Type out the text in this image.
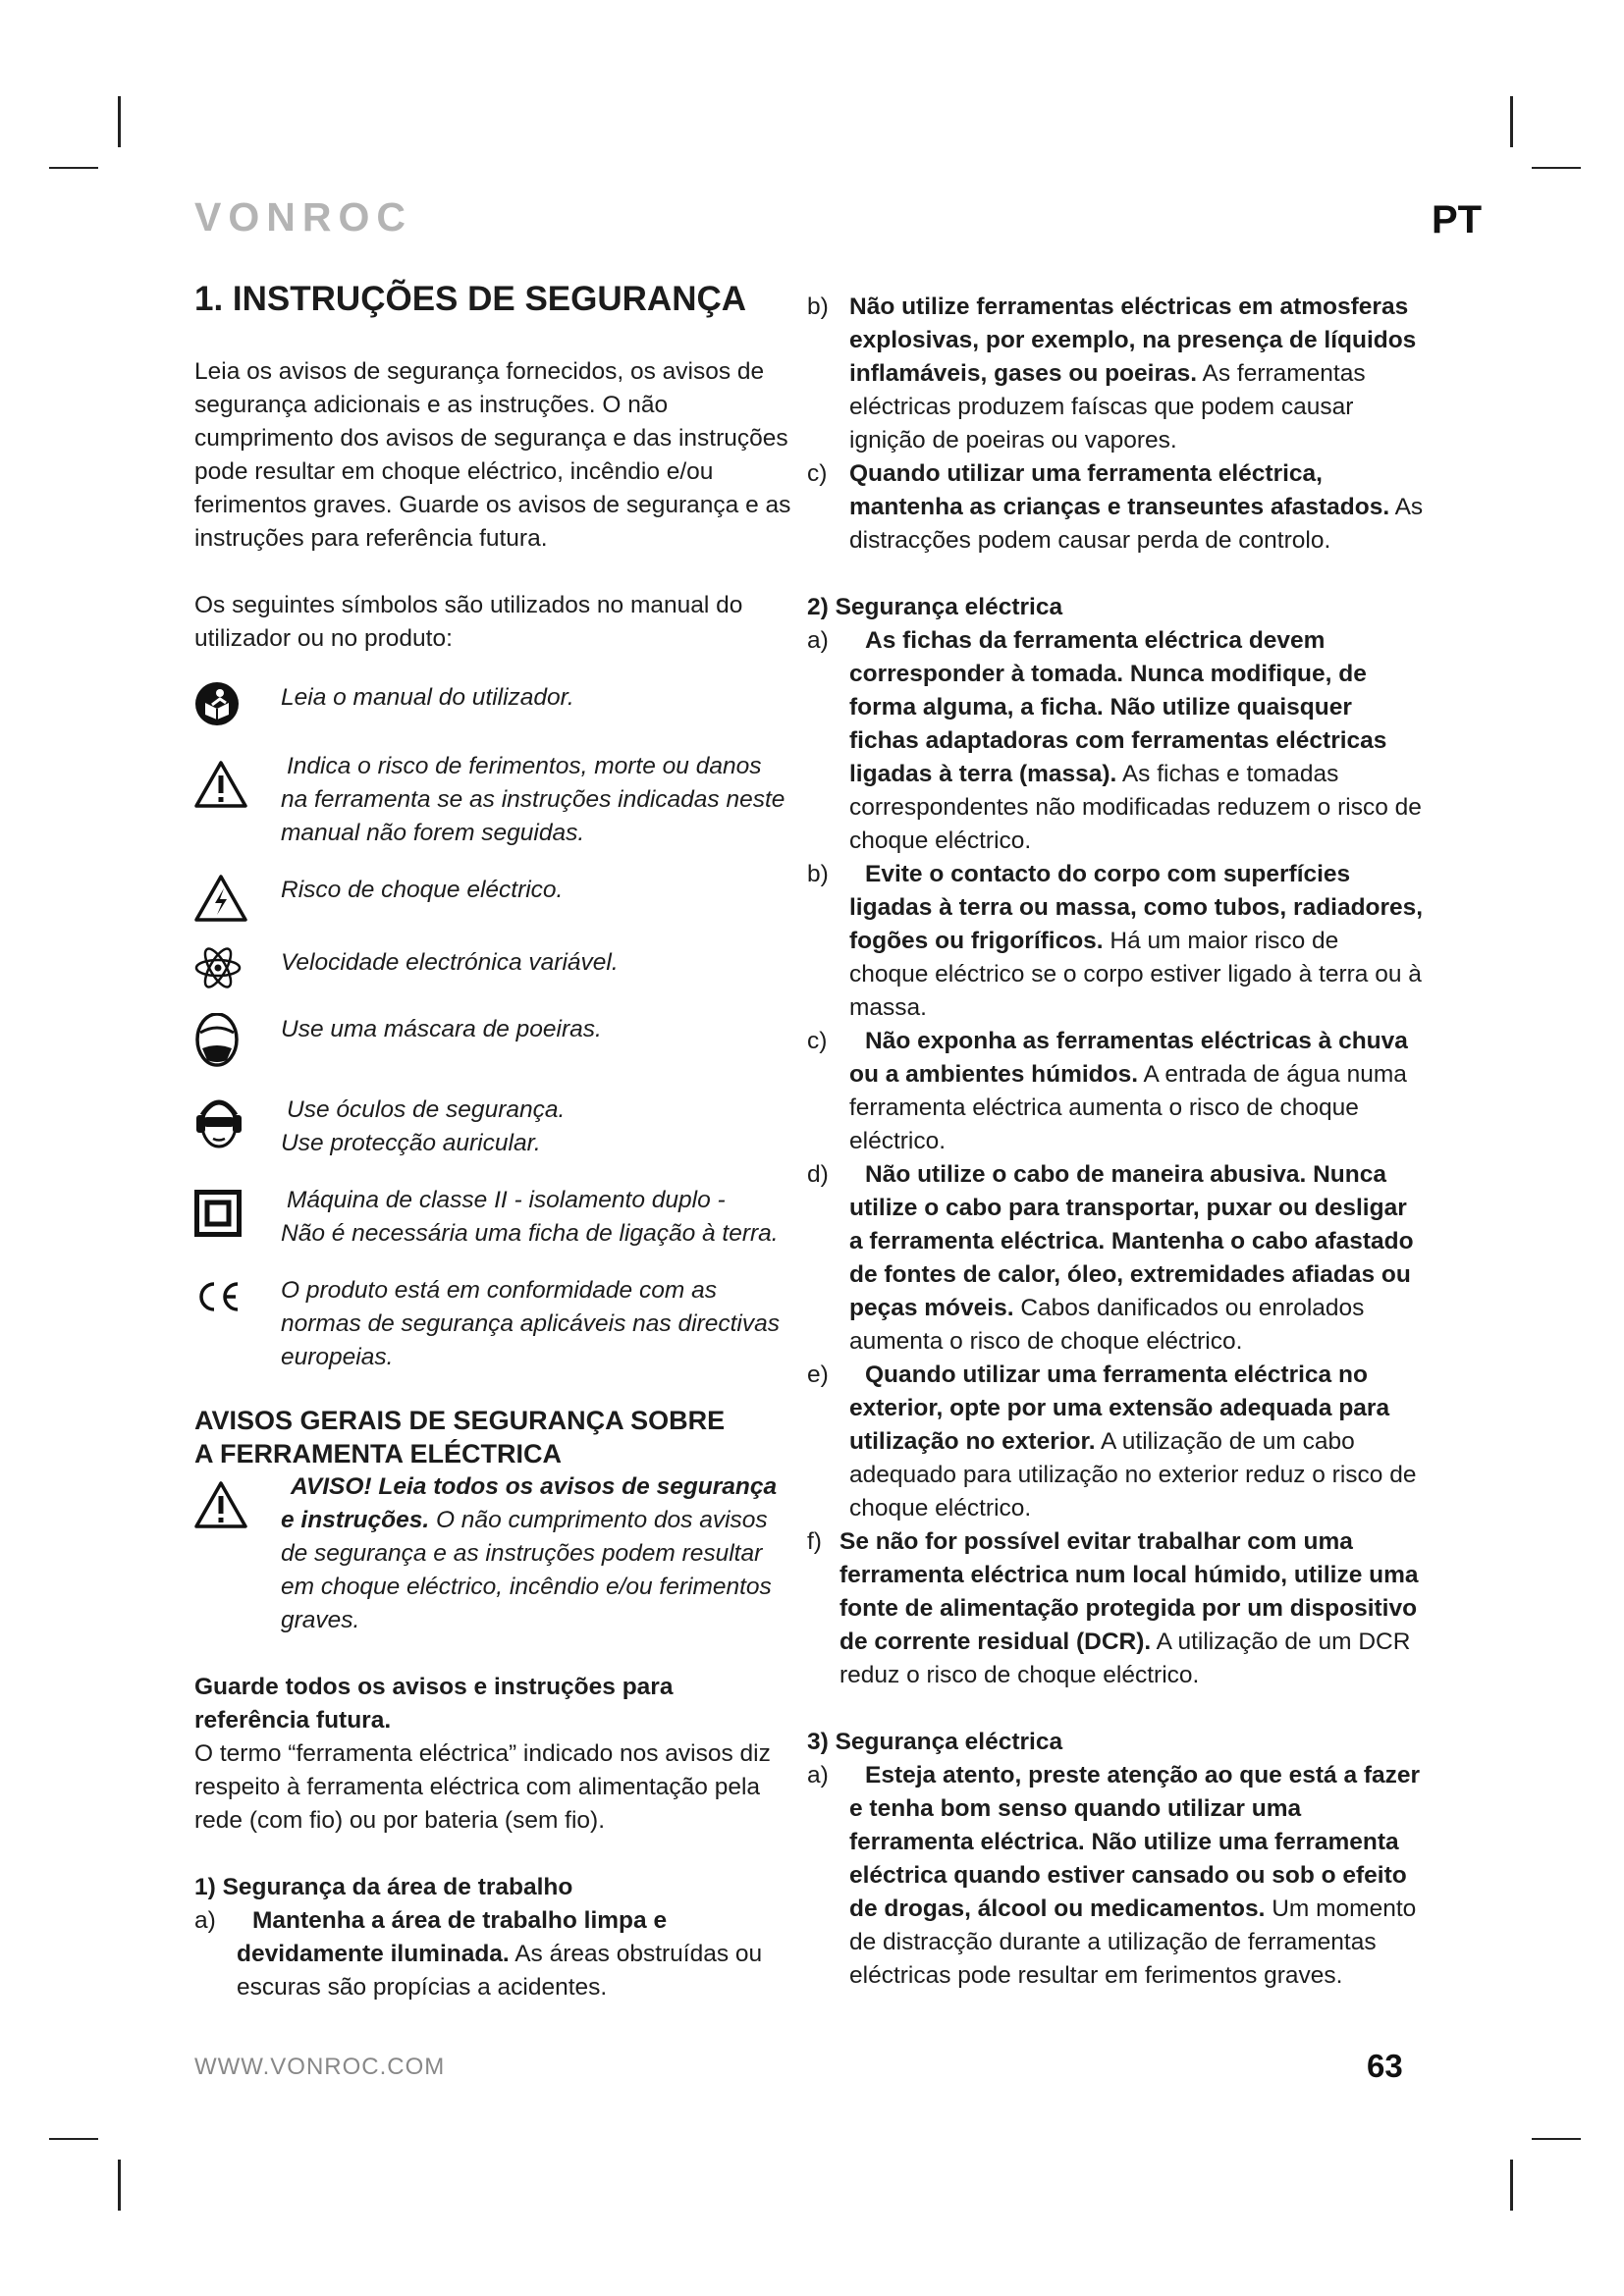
VONROC	PT
1. INSTRUÇÕES DE SEGURANÇA

Leia os avisos de segurança fornecidos, os avisos de segurança adicionais e as instruções. O não cumprimento dos avisos de segurança e das instruções pode resultar em choque eléctrico, incêndio e/ou ferimentos graves. Guarde os avisos de segurança e as instruções para referência futura.

Os seguintes símbolos são utilizados no manual do utilizador ou no produto:

Leia o manual do utilizador.
Indica o risco de ferimentos, morte ou danos na ferramenta se as instruções indicadas neste manual não forem seguidas.
Risco de choque eléctrico.
Velocidade electrónica variável.
Use uma máscara de poeiras.
Use óculos de segurança.
Use protecção auricular.
Máquina de classe II - isolamento duplo -
Não é necessária uma ficha de ligação à terra.
O produto está em conformidade com as normas de segurança aplicáveis nas directivas europeias.
AVISOS GERAIS DE SEGURANÇA SOBRE
A FERRAMENTA ELÉCTRICA

AVISO! Leia todos os avisos de segurança e instruções. O não cumprimento dos avisos de segurança e as instruções podem resultar em choque eléctrico, incêndio e/ou ferimentos graves.

Guarde todos os avisos e instruções para referência futura.

O termo “ferramenta eléctrica” indicado nos avisos diz respeito à ferramenta eléctrica com alimentação pela rede (com fio) ou por bateria (sem fio).

1) Segurança da área de trabalho

a)	Mantenha a área de trabalho limpa e devidamente iluminada. As áreas obstruídas ou escuras são propícias a acidentes.
b) Não utilize ferramentas eléctricas em atmosferas explosivas, por exemplo, na presença de líquidos inflamáveis, gases ou poeiras. As ferramentas eléctricas produzem faíscas que podem causar ignição de poeiras ou vapores.
c) Quando utilizar uma ferramenta eléctrica, mantenha as crianças e transeuntes afastados. As distracções podem causar perda de controlo.

2) Segurança eléctrica

a)	As fichas da ferramenta eléctrica devem corresponder à tomada. Nunca modifique, de forma alguma, a ficha. Não utilize quaisquer fichas adaptadoras com ferramentas eléctricas ligadas à terra (massa). As fichas e tomadas correspondentes não modificadas reduzem o risco de choque eléctrico.
b)	Evite o contacto do corpo com superfícies ligadas à terra ou massa, como tubos, radiadores, fogões ou frigoríficos. Há um maior risco de choque eléctrico se o corpo estiver ligado à terra ou à massa.
c)	Não exponha as ferramentas eléctricas à chuva ou a ambientes húmidos. A entrada de água numa ferramenta eléctrica aumenta o risco de choque eléctrico.
d)	Não utilize o cabo de maneira abusiva. Nunca utilize o cabo para transportar, puxar ou desligar a ferramenta eléctrica. Mantenha o cabo afastado de fontes de calor, óleo, extremidades afiadas ou peças móveis. Cabos danificados ou enrolados aumenta o risco de choque eléctrico.
e)	Quando utilizar uma ferramenta eléctrica no exterior, opte por uma extensão adequada para utilização no exterior. A utilização de um cabo adequado para utilização no exterior reduz o risco de choque eléctrico.
f) Se não for possível evitar trabalhar com uma ferramenta eléctrica num local húmido, utilize uma fonte de alimentação protegida por um dispositivo de corrente residual (DCR). A utilização de um DCR reduz o risco de choque eléctrico.

3) Segurança eléctrica

a)	Esteja atento, preste atenção ao que está a fazer e tenha bom senso quando utilizar uma ferramenta eléctrica. Não utilize uma ferramenta eléctrica quando estiver cansado ou sob o efeito de drogas, álcool ou medicamentos. Um momento de distracção durante a utilização de ferramentas eléctricas pode resultar em ferimentos graves.
WWW.VONROC.COM	63
